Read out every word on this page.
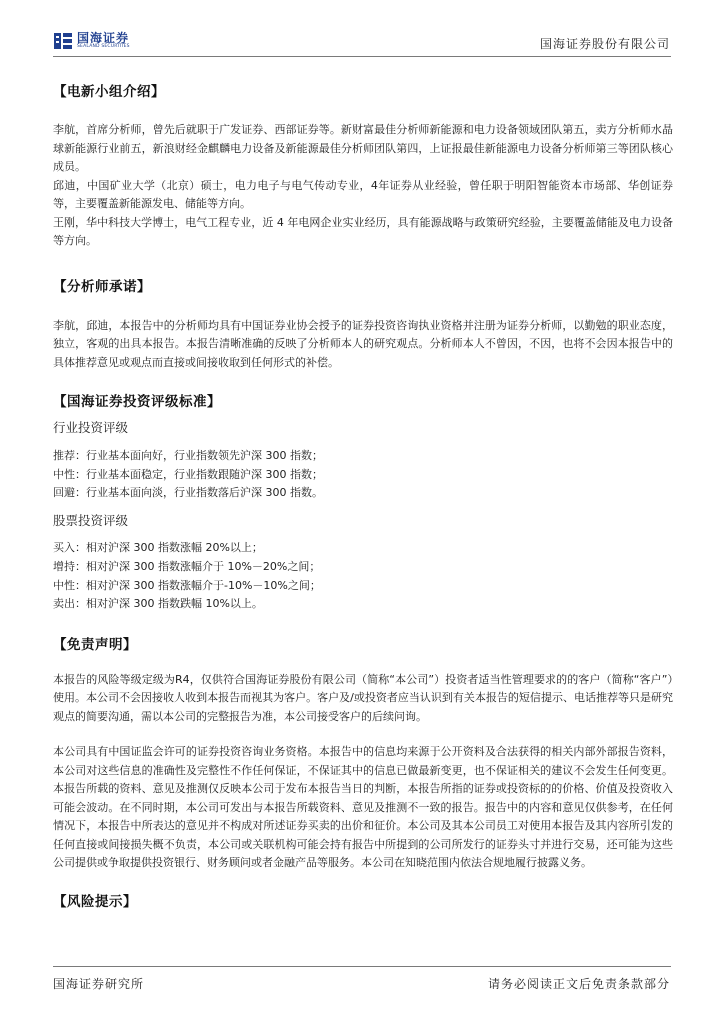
国海证券
SEALAND SECURITIES	国海证券股份有限公司

【电新小组介绍】

李航，首席分析师，曾先后就职于广发证券、西部证券等。新财富最佳分析师新能源和电力设备领域团队第五，卖方分析师水晶球新能源行业前五，新浪财经金麒麟电力设备及新能源最佳分析师团队第四，上证报最佳新能源电力设备分析师第三等团队核心成员。

邱迪，中国矿业大学（北京）硕士，电力电子与电气传动专业，4年证券从业经验，曾任职于明阳智能资本市场部、华创证券等，主要覆盖新能源发电、储能等方向。

王刚，华中科技大学博士，电气工程专业，近 4 年电网企业实业经历，具有能源战略与政策研究经验，主要覆盖储能及电力设备等方向。

【分析师承诺】

李航，邱迪，本报告中的分析师均具有中国证券业协会授予的证券投资咨询执业资格并注册为证券分析师，以勤勉的职业态度，独立，客观的出具本报告。本报告清晰准确的反映了分析师本人的研究观点。分析师本人不曾因，不因，也将不会因本报告中的具体推荐意见或观点而直接或间接收取到任何形式的补偿。

【国海证券投资评级标准】

行业投资评级

推荐：行业基本面向好，行业指数领先沪深 300 指数；

中性：行业基本面稳定，行业指数跟随沪深 300 指数；

回避：行业基本面向淡，行业指数落后沪深 300 指数。

股票投资评级

买入：相对沪深 300 指数涨幅 20%以上；

增持：相对沪深 300 指数涨幅介于 10%－20%之间；

中性：相对沪深 300 指数涨幅介于-10%－10%之间；

卖出：相对沪深 300 指数跌幅 10%以上。

【免责声明】

本报告的风险等级定级为R4，仅供符合国海证券股份有限公司（简称“本公司”）投资者适当性管理要求的的客户（简称“客户”）使用。本公司不会因接收人收到本报告而视其为客户。客户及/或投资者应当认识到有关本报告的短信提示、电话推荐等只是研究观点的简要沟通，需以本公司的完整报告为准，本公司接受客户的后续问询。

本公司具有中国证监会许可的证券投资咨询业务资格。本报告中的信息均来源于公开资料及合法获得的相关内部外部报告资料，本公司对这些信息的准确性及完整性不作任何保证，不保证其中的信息已做最新变更，也不保证相关的建议不会发生任何变更。本报告所载的资料、意见及推测仅反映本公司于发布本报告当日的判断，本报告所指的证券或投资标的的价格、价值及投资收入可能会波动。在不同时期，本公司可发出与本报告所载资料、意见及推测不一致的报告。报告中的内容和意见仅供参考，在任何情况下，本报告中所表达的意见并不构成对所述证券买卖的出价和征价。本公司及其本公司员工对使用本报告及其内容所引发的任何直接或间接损失概不负责，本公司或关联机构可能会持有报告中所提到的公司所发行的证券头寸并进行交易，还可能为这些公司提供或争取提供投资银行、财务顾问或者金融产品等服务。本公司在知晓范围内依法合规地履行披露义务。

【风险提示】

国海证券研究所	请务必阅读正文后免责条款部分
